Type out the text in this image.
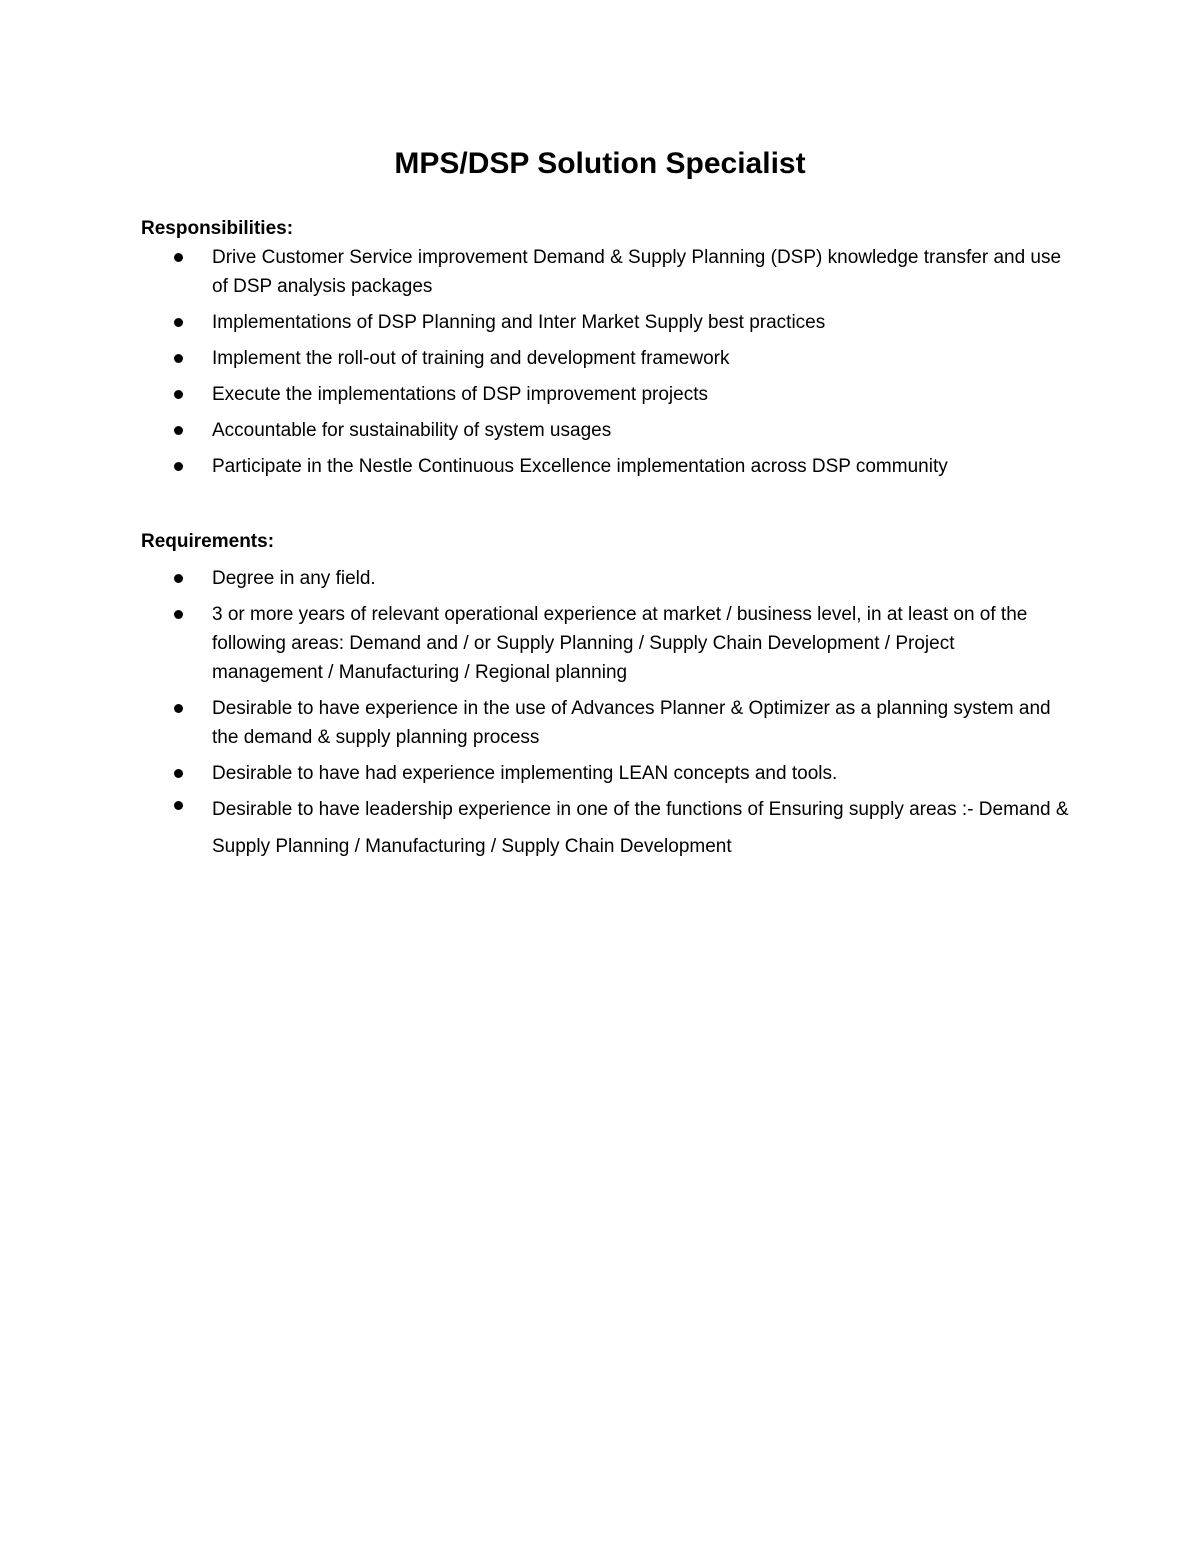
MPS/DSP Solution Specialist
Responsibilities:
Drive Customer Service improvement Demand & Supply Planning (DSP) knowledge transfer and use of DSP analysis packages
Implementations of DSP Planning and Inter Market Supply best practices
Implement the roll-out of training and development framework
Execute the implementations of DSP improvement projects
Accountable for sustainability of system usages
Participate in the Nestle Continuous Excellence implementation across DSP community
Requirements:
Degree in any field.
3 or more years of relevant operational experience at market / business level, in at least on of the following areas: Demand and / or Supply Planning / Supply Chain Development / Project management / Manufacturing / Regional planning
Desirable to have experience in the use of Advances Planner & Optimizer as a planning system and the demand & supply planning process
Desirable to have had experience implementing LEAN concepts and tools.
Desirable to have leadership experience in one of the functions of Ensuring supply areas :- Demand & Supply Planning / Manufacturing / Supply Chain Development
